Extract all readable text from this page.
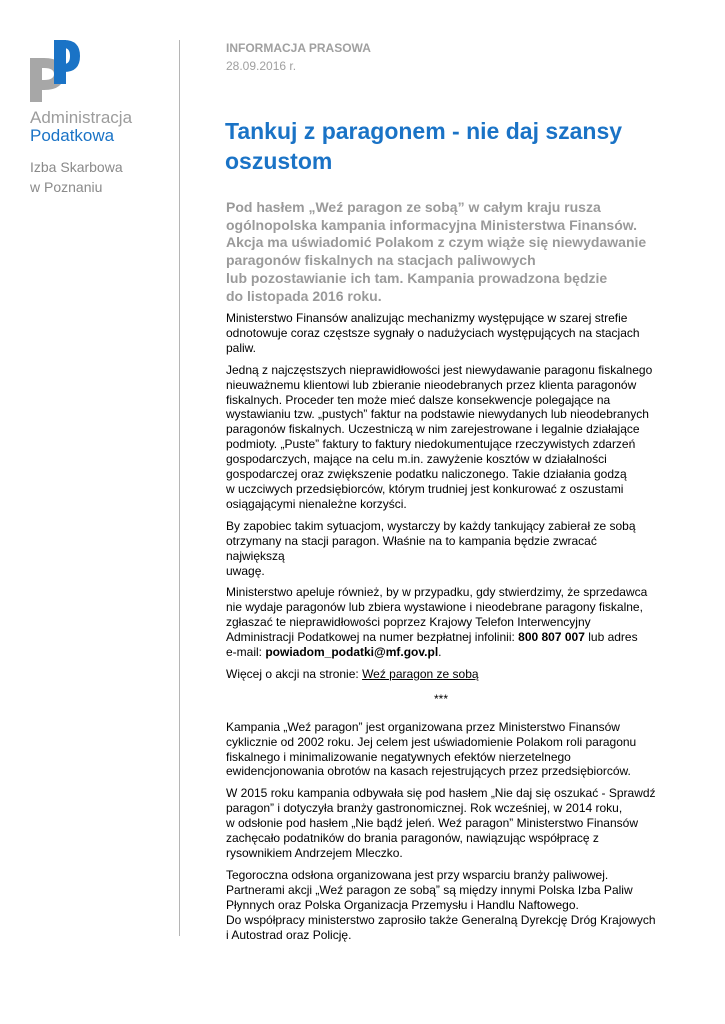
Administracja
Podatkowa
Izba Skarbowa
w Poznaniu
INFORMACJA PRASOWA
28.09.2016 r.
Tankuj z paragonem - nie daj szansy oszustom

Pod hasłem „Weź paragon ze sobą” w całym kraju rusza
ogólnopolska kampania informacyjna Ministerstwa Finansów.
Akcja ma uświadomić Polakom z czym wiąże się niewydawanie
paragonów fiskalnych na stacjach paliwowych
lub pozostawianie ich tam. Kampania prowadzona będzie
do listopada 2016 roku.

Ministerstwo Finansów analizując mechanizmy występujące w szarej strefie
odnotowuje coraz częstsze sygnały o nadużyciach występujących na stacjach
paliw.

Jedną z najczęstszych nieprawidłowości jest niewydawanie paragonu fiskalnego
nieuważnemu klientowi lub zbieranie nieodebranych przez klienta paragonów
fiskalnych. Proceder ten może mieć dalsze konsekwencje polegające na
wystawianiu tzw. „pustych” faktur na podstawie niewydanych lub nieodebranych
paragonów fiskalnych. Uczestniczą w nim zarejestrowane i legalnie działające
podmioty. „Puste” faktury to faktury niedokumentujące rzeczywistych zdarzeń
gospodarczych, mające na celu m.in. zawyżenie kosztów w działalności
gospodarczej oraz zwiększenie podatku naliczonego. Takie działania godzą
w uczciwych przedsiębiorców, którym trudniej jest konkurować z oszustami
osiągającymi nienależne korzyści.

By zapobiec takim sytuacjom, wystarczy by każdy tankujący zabierał ze sobą
otrzymany na stacji paragon. Właśnie na to kampania będzie zwracać największą
uwagę.

Ministerstwo apeluje również, by w przypadku, gdy stwierdzimy, że sprzedawca
nie wydaje paragonów lub zbiera wystawione i nieodebrane paragony fiskalne,
zgłaszać te nieprawidłowości poprzez Krajowy Telefon Interwencyjny
Administracji Podatkowej na numer bezpłatnej infolinii: 800 807 007 lub adres
e-mail: powiadom_podatki@mf.gov.pl.

Więcej o akcji na stronie: Weź paragon ze sobą

***

Kampania „Weź paragon” jest organizowana przez Ministerstwo Finansów
cyklicznie od 2002 roku. Jej celem jest uświadomienie Polakom roli paragonu
fiskalnego i minimalizowanie negatywnych efektów nierzetelnego
ewidencjonowania obrotów na kasach rejestrujących przez przedsiębiorców.

W 2015 roku kampania odbywała się pod hasłem „Nie daj się oszukać - Sprawdź
paragon” i dotyczyła branży gastronomicznej. Rok wcześniej, w 2014 roku,
w odsłonie pod hasłem „Nie bądź jeleń. Weź paragon” Ministerstwo Finansów
zachęcało podatników do brania paragonów, nawiązując współpracę z
rysownikiem Andrzejem Mleczko.

Tegoroczna odsłona organizowana jest przy wsparciu branży paliwowej.
Partnerami akcji „Weź paragon ze sobą” są między innymi Polska Izba Paliw
Płynnych oraz Polska Organizacja Przemysłu i Handlu Naftowego.
Do współpracy ministerstwo zaprosiło także Generalną Dyrekcję Dróg Krajowych
i Autostrad oraz Policję.
